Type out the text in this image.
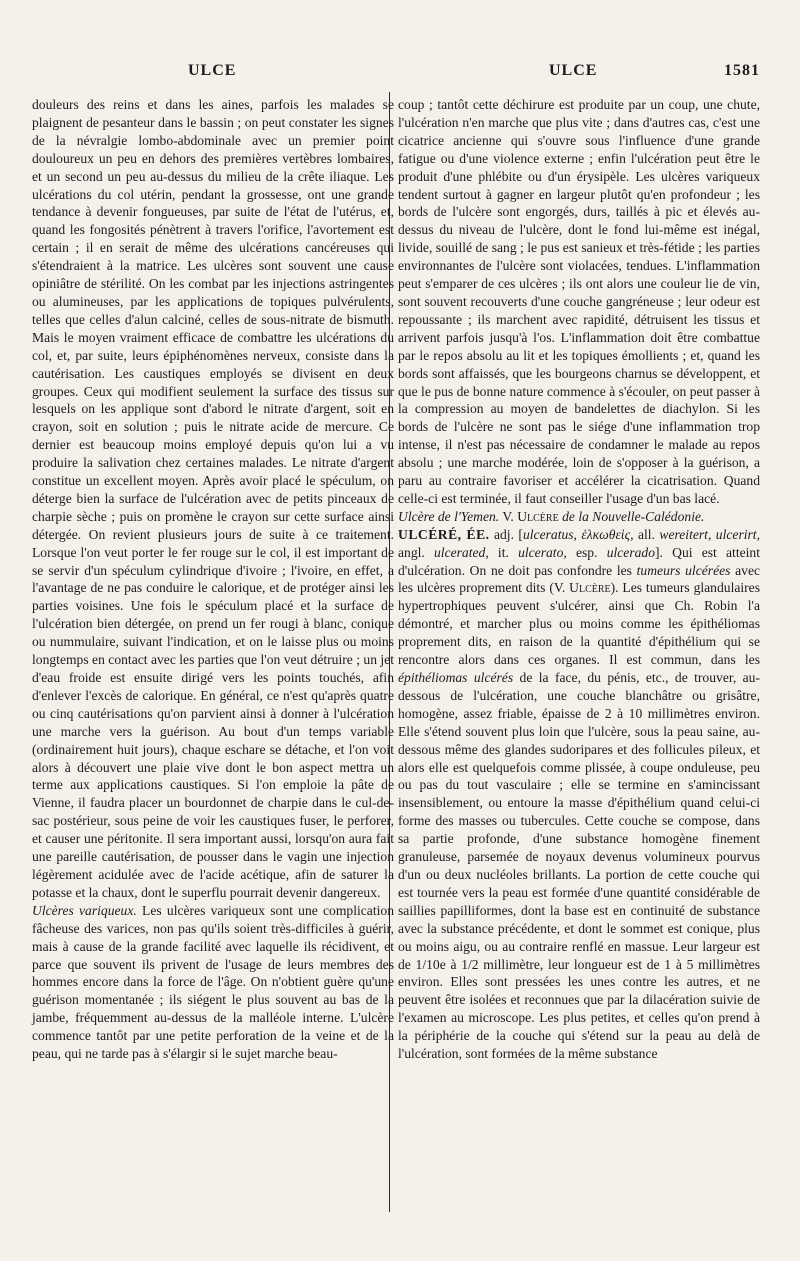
ULCE	ULCE	1581

douleurs des reins et dans les aines, parfois les malades se plaignent de pesanteur dans le bassin ; on peut constater les signes de la névralgie lombo-abdominale avec un premier point douloureux un peu en dehors des premières vertèbres lombaires, et un second un peu au-dessus du milieu de la crête iliaque. Les ulcérations du col utérin, pendant la grossesse, ont une grande tendance à devenir fongueuses, par suite de l'état de l'utérus, et, quand les fongosités pénètrent à travers l'orifice, l'avortement est certain ; il en serait de même des ulcérations cancéreuses qui s'étendraient à la matrice. Les ulcères sont souvent une cause opiniâtre de stérilité. On les combat par les injections astringentes ou alumineuses, par les applications de topiques pulvérulents, telles que celles d'alun calciné, celles de sous-nitrate de bismuth. Mais le moyen vraiment efficace de combattre les ulcérations du col, et, par suite, leurs épiphénomènes nerveux, consiste dans la cautérisation. Les caustiques employés se divisent en deux groupes. Ceux qui modifient seulement la surface des tissus sur lesquels on les applique sont d'abord le nitrate d'argent, soit en crayon, soit en solution ; puis le nitrate acide de mercure. Ce dernier est beaucoup moins employé depuis qu'on lui a vu produire la salivation chez certaines malades. Le nitrate d'argent constitue un excellent moyen. Après avoir placé le spéculum, on déterge bien la surface de l'ulcération avec de petits pinceaux de charpie sèche ; puis on promène le crayon sur cette surface ainsi détergée. On revient plusieurs jours de suite à ce traitement. Lorsque l'on veut porter le fer rouge sur le col, il est important de se servir d'un spéculum cylindrique d'ivoire ; l'ivoire, en effet, a l'avantage de ne pas conduire le calorique, et de protéger ainsi les parties voisines. Une fois le spéculum placé et la surface de l'ulcération bien détergée, on prend un fer rougi à blanc, conique ou nummulaire, suivant l'indication, et on le laisse plus ou moins longtemps en contact avec les parties que l'on veut détruire ; un jet d'eau froide est ensuite dirigé vers les points touchés, afin d'enlever l'excès de calorique. En général, ce n'est qu'après quatre ou cinq cautérisations qu'on parvient ainsi à donner à l'ulcération une marche vers la guérison. Au bout d'un temps variable (ordinairement huit jours), chaque eschare se détache, et l'on voit alors à découvert une plaie vive dont le bon aspect mettra un terme aux applications caustiques. Si l'on emploie la pâte de Vienne, il faudra placer un bourdonnet de charpie dans le cul-de-sac postérieur, sous peine de voir les caustiques fuser, le perforer, et causer une péritonite. Il sera important aussi, lorsqu'on aura fait une pareille cautérisation, de pousser dans le vagin une injection légèrement acidulée avec de l'acide acétique, afin de saturer la potasse et la chaux, dont le superflu pourrait devenir dangereux.

Ulcères variqueux. Les ulcères variqueux sont une complication fâcheuse des varices, non pas qu'ils soient très-difficiles à guérir, mais à cause de la grande facilité avec laquelle ils récidivent, et parce que souvent ils privent de l'usage de leurs membres des hommes encore dans la force de l'âge. On n'obtient guère qu'une guérison momentanée ; ils siégent le plus souvent au bas de la jambe, fréquemment au-dessus de la malléole interne. L'ulcère commence tantôt par une petite perforation de la veine et de la peau, qui ne tarde pas à s'élargir si le sujet marche beau-

coup ; tantôt cette déchirure est produite par un coup, une chute, l'ulcération n'en marche que plus vite ; dans d'autres cas, c'est une cicatrice ancienne qui s'ouvre sous l'influence d'une grande fatigue ou d'une violence externe ; enfin l'ulcération peut être le produit d'une phlébite ou d'un érysipèle. Les ulcères variqueux tendent surtout à gagner en largeur plutôt qu'en profondeur ; les bords de l'ulcère sont engorgés, durs, taillés à pic et élevés au-dessus du niveau de l'ulcère, dont le fond lui-même est inégal, livide, souillé de sang ; le pus est sanieux et très-fétide ; les parties environnantes de l'ulcère sont violacées, tendues. L'inflammation peut s'emparer de ces ulcères ; ils ont alors une couleur lie de vin, sont souvent recouverts d'une couche gangréneuse ; leur odeur est repoussante ; ils marchent avec rapidité, détruisent les tissus et arrivent parfois jusqu'à l'os. L'inflammation doit être combattue par le repos absolu au lit et les topiques émollients ; et, quand les bords sont affaissés, que les bourgeons charnus se développent, et que le pus de bonne nature commence à s'écouler, on peut passer à la compression au moyen de bandelettes de diachylon. Si les bords de l'ulcère ne sont pas le siége d'une inflammation trop intense, il n'est pas nécessaire de condamner le malade au repos absolu ; une marche modérée, loin de s'opposer à la guérison, a paru au contraire favoriser et accélérer la cicatrisation. Quand celle-ci est terminée, il faut conseiller l'usage d'un bas lacé.

Ulcère de l'Yemen. V. Ulcère de la Nouvelle-Calédonie.

ULCÉRÉ, ÉE. adj. [ulceratus, ἑλκωθεὶς, all. wereitert, ulcerirt, angl. ulcerated, it. ulcerato, esp. ulcerado]. Qui est atteint d'ulcération. On ne doit pas confondre les tumeurs ulcérées avec les ulcères proprement dits (V. Ulcère). Les tumeurs glandulaires hypertrophiques peuvent s'ulcérer, ainsi que Ch. Robin l'a démontré, et marcher plus ou moins comme les épithéliomas proprement dits, en raison de la quantité d'épithélium qui se rencontre alors dans ces organes. Il est commun, dans les épithéliomas ulcérés de la face, du pénis, etc., de trouver, au-dessous de l'ulcération, une couche blanchâtre ou grisâtre, homogène, assez friable, épaisse de 2 à 10 millimètres environ. Elle s'étend souvent plus loin que l'ulcère, sous la peau saine, au-dessous même des glandes sudoripares et des follicules pileux, et alors elle est quelquefois comme plissée, à coupe onduleuse, peu ou pas du tout vasculaire ; elle se termine en s'amincissant insensiblement, ou entoure la masse d'épithélium quand celui-ci forme des masses ou tubercules. Cette couche se compose, dans sa partie profonde, d'une substance homogène finement granuleuse, parsemée de noyaux devenus volumineux pourvus d'un ou deux nucléoles brillants. La portion de cette couche qui est tournée vers la peau est formée d'une quantité considérable de saillies papilliformes, dont la base est en continuité de substance avec la substance précédente, et dont le sommet est conique, plus ou moins aigu, ou au contraire renflé en massue. Leur largeur est de 1/10e à 1/2 millimètre, leur longueur est de 1 à 5 millimètres environ. Elles sont pressées les unes contre les autres, et ne peuvent être isolées et reconnues que par la dilacération suivie de l'examen au microscope. Les plus petites, et celles qu'on prend à la périphérie de la couche qui s'étend sur la peau au delà de l'ulcération, sont formées de la même substance
